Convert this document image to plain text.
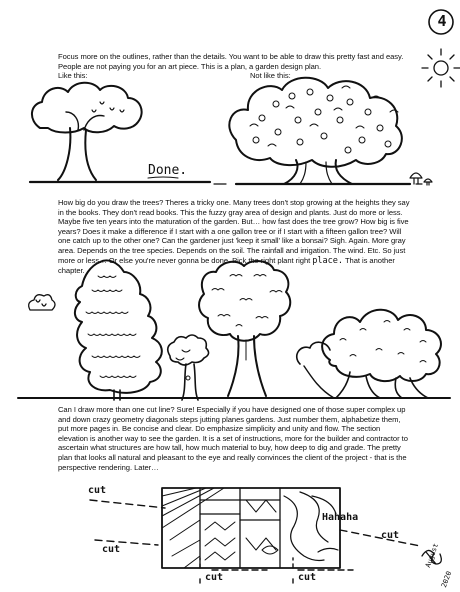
4
Focus more on the outlines, rather than the details. You want to be able to draw this pretty fast and easy. People are not paying you for an art piece. This is a plan, a garden design plan.
Like this:	Not like this:
Done.
How big do you draw the trees? Theres a tricky one. Many trees don't stop growing at the heights they say in the books. They don't read books. This the fuzzy gray area of design and plants. Just do more or less. Maybe five ten years into the maturation of the garden. But… how fast does the tree grow? How big is five years? Does it make a difference if I start with a one gallon tree or if I start with a fifteen gallon tree? Will one catch up to the other one? Can the gardener just 'keep it small' like a bonsai? Sigh. Again. More gray area. Depends on the tree species. Depends on the soil. The rainfall and irrigation. The wind. Etc. So just more or less… Or else you're never gonna be done. Pick the right plant right place. That is another chapter.
Can I draw more than one cut line? Sure! Especially if you have designed one of those super complex up and down crazy geometry diagonals steps jutting planes gardens. Just number them, alphabetize them, put more pages in. Be concise and clear. Do emphasize simplicity and unity and flow. The section elevation is another way to see the garden. It is a set of instructions, more for the builder and contractor to ascertain what structures are how tall, how much material to buy, how deep to dig and grade. The pretty plan that looks all natural and pleasant to the eye and really convinces the client of the project - that is the perspective rendering. Later…
cut
cut
cut	cut
cut
Hahaha
August
2020
